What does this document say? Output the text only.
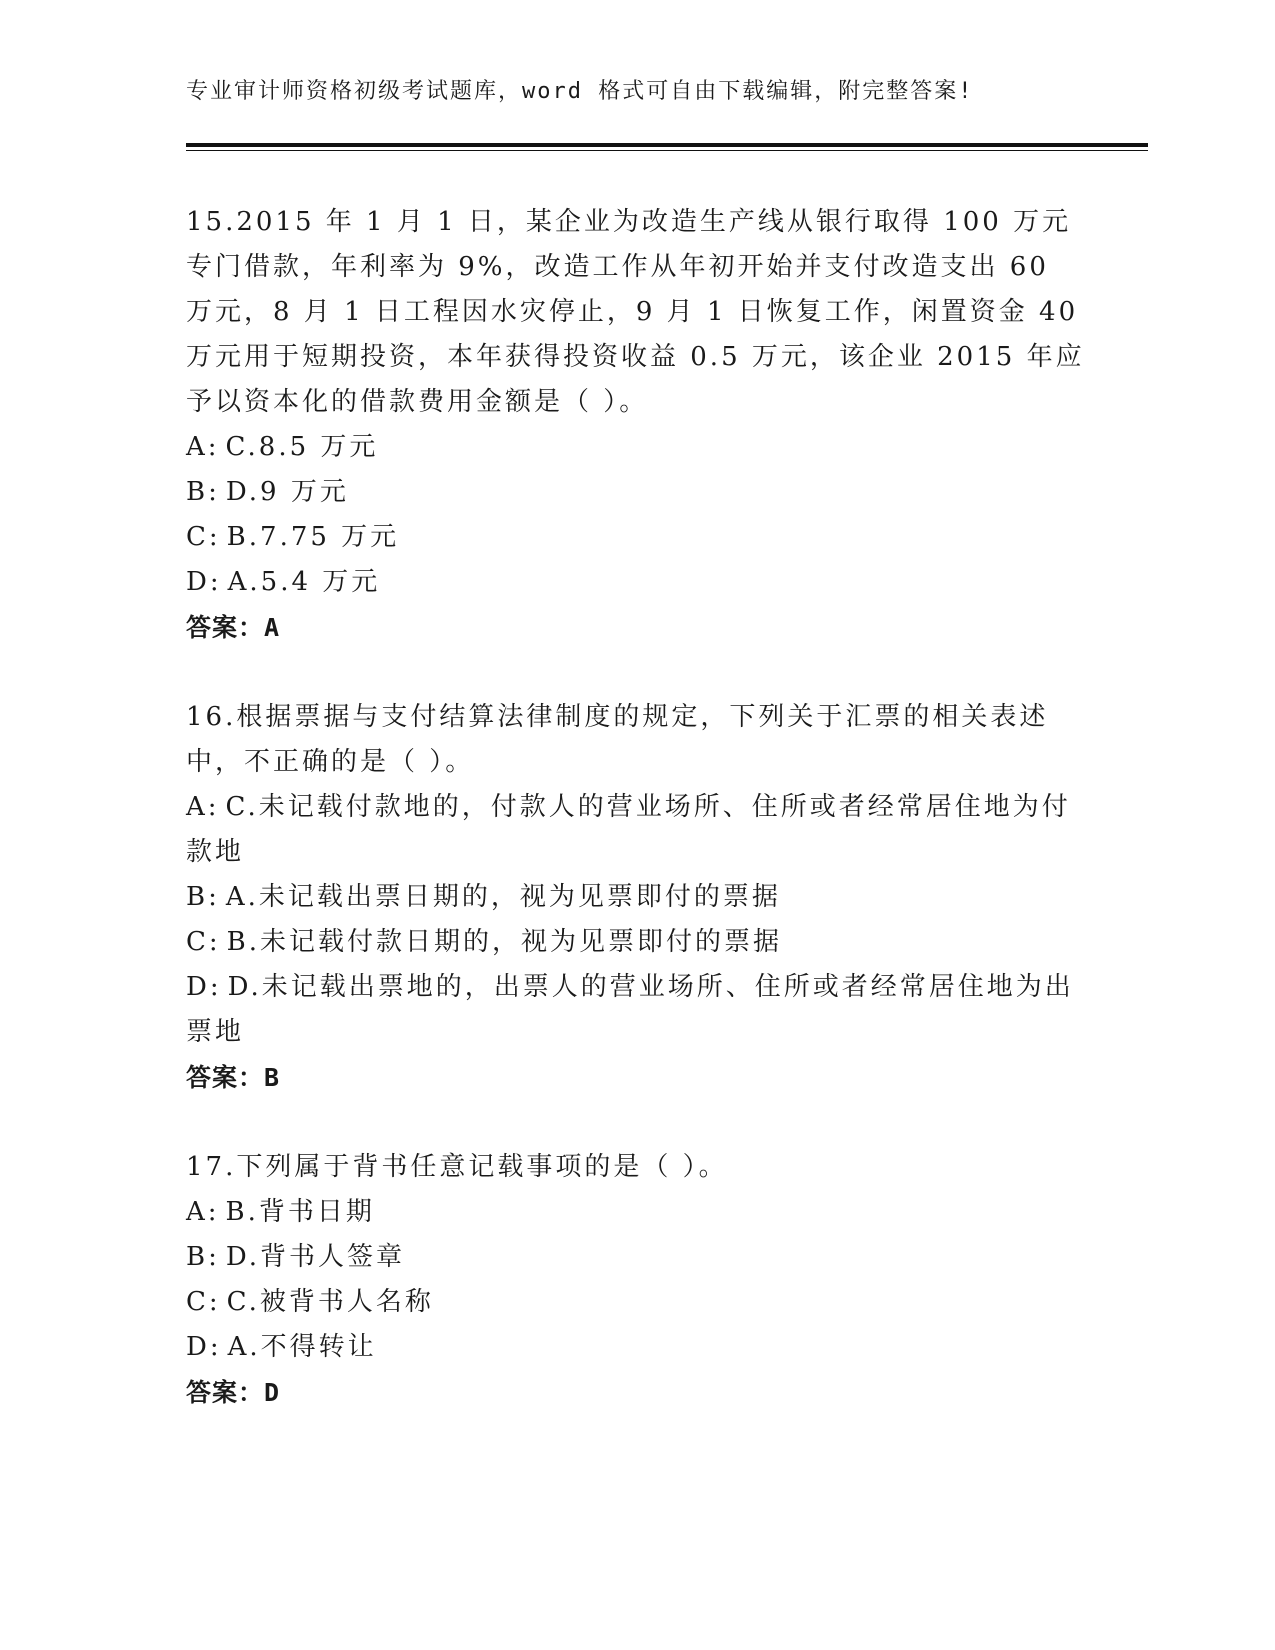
专业审计师资格初级考试题库，word 格式可自由下载编辑，附完整答案!

15.2015 年 1 月 1 日，某企业为改造生产线从银行取得 100 万元专门借款，年利率为 9%，改造工作从年初开始并支付改造支出 60 万元，8 月 1 日工程因水灾停止，9 月 1 日恢复工作，闲置资金 40 万元用于短期投资，本年获得投资收益 0.5 万元，该企业 2015 年应予以资本化的借款费用金额是（ ）。

A: C.8.5 万元

B: D.9 万元

C: B.7.75 万元

D: A.5.4 万元

答案：A

16.根据票据与支付结算法律制度的规定，下列关于汇票的相关表述中，不正确的是（ ）。

A: C.未记载付款地的，付款人的营业场所、住所或者经常居住地为付款地

B: A.未记载出票日期的，视为见票即付的票据

C: B.未记载付款日期的，视为见票即付的票据

D: D.未记载出票地的，出票人的营业场所、住所或者经常居住地为出票地

答案：B

17.下列属于背书任意记载事项的是（ ）。

A: B.背书日期

B: D.背书人签章

C: C.被背书人名称

D: A.不得转让

答案：D
